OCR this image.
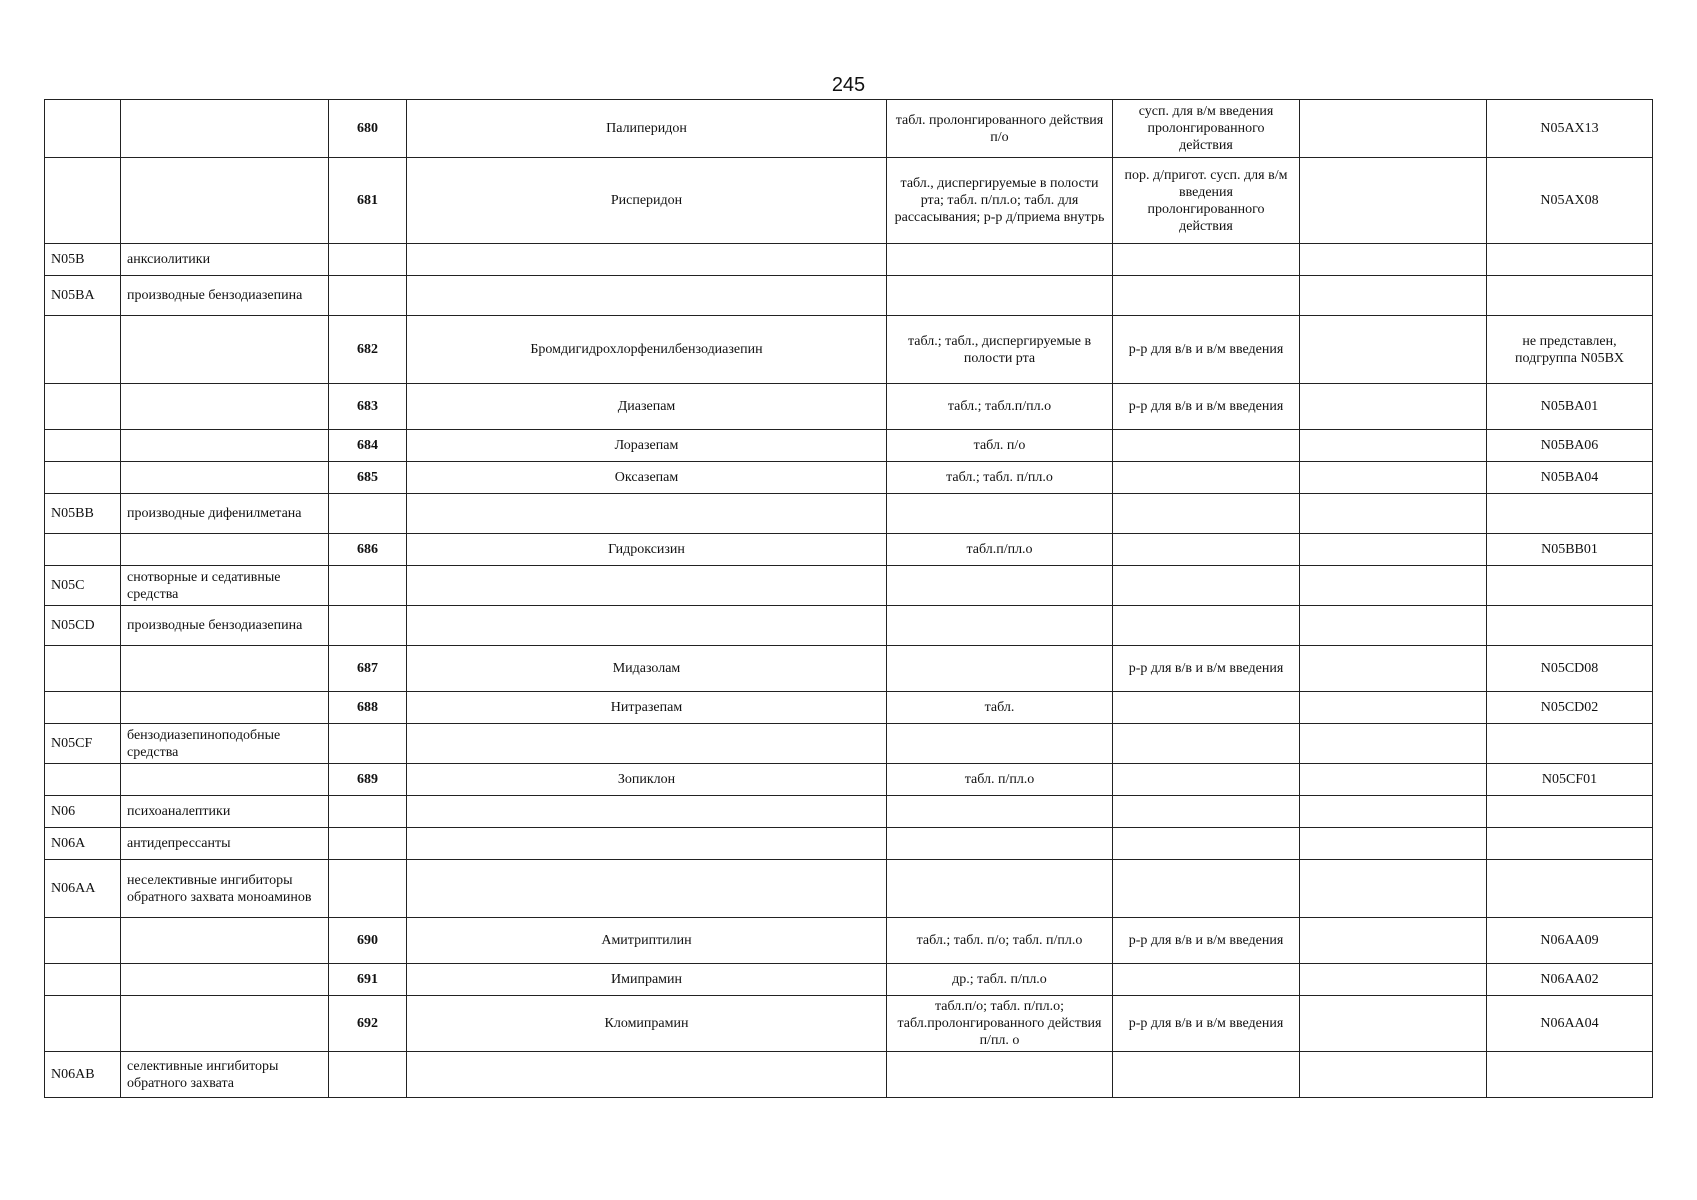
245
		680	Палиперидон	табл. пролонгированного действия п/о	сусп. для в/м введения пролонгированного действия		N05AX13
		681	Рисперидон	табл., диспергируемые в полости рта; табл. п/пл.о; табл. для рассасывания; р-р д/приема внутрь	пор. д/пригот. сусп. для в/м введения пролонгированного действия		N05AX08
N05B	анксиолитики						
N05BA	производные бензодиазепина						
		682	Бромдигидрохлорфенилбензодиазепин	табл.; табл., диспергируемые в полости рта	р-р для в/в и в/м введения		не представлен, подгруппа N05BX
		683	Диазепам	табл.; табл.п/пл.о	р-р для в/в и в/м введения		N05BA01
		684	Лоразепам	табл. п/о			N05BA06
		685	Оксазепам	табл.; табл. п/пл.о			N05BA04
N05BB	производные дифенилметана						
		686	Гидроксизин	табл.п/пл.о			N05BB01
N05C	снотворные и седативные средства						
N05CD	производные бензодиазепина						
		687	Мидазолам		р-р для в/в и в/м введения		N05CD08
		688	Нитразепам	табл.			N05CD02
N05CF	бензодиазепиноподобные средства						
		689	Зопиклон	табл. п/пл.о			N05CF01
N06	психоаналептики						
N06A	антидепрессанты						
N06AA	неселективные ингибиторы обратного захвата моноаминов						
		690	Амитриптилин	табл.; табл. п/о; табл. п/пл.о	р-р для в/в и в/м введения		N06AA09
		691	Имипрамин	др.; табл. п/пл.о			N06AA02
		692	Кломипрамин	табл.п/о; табл. п/пл.о; табл.пролонгированного действия п/пл. о	р-р для в/в и в/м введения		N06AA04
N06AB	селективные ингибиторы обратного захвата						
